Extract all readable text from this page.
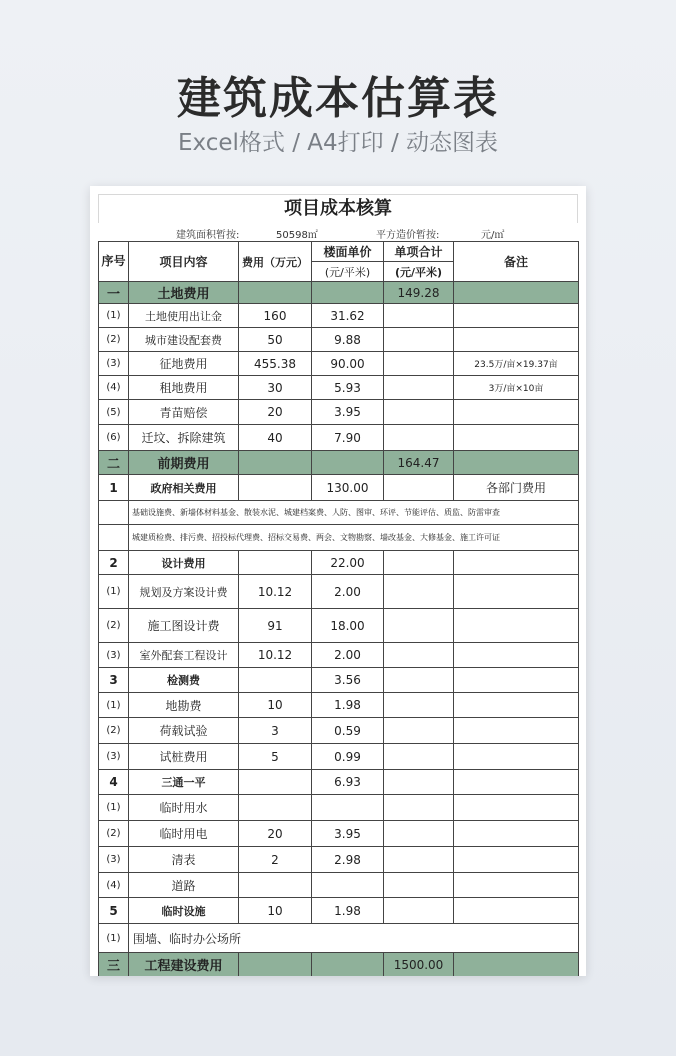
建筑成本估算表
Excel格式 / A4打印 / 动态图表
项目成本核算
建筑面积暂按:	50598㎡	平方造价暂按:	元/㎡
序号	项目内容	费用（万元）	楼面单价	单项合计	备注
			(元/平米)	(元/平米)	
一	土地费用			149.28	
(1)	土地使用出让金	160	31.62		
(2)	城市建设配套费	50	9.88		
(3)	征地费用	455.38	90.00		23.5万/亩×19.37亩
(4)	租地费用	30	5.93		3万/亩×10亩
(5)	青苗赔偿	20	3.95		
(6)	迁坟、拆除建筑	40	7.90		
二	前期费用			164.47	
1	政府相关费用		130.00		各部门费用
	基础设施费、新墙体材料基金、散装水泥、城建档案费、人防、图审、环评、节能评估、质监、防雷审查				
	城建质检费、排污费、招投标代理费、招标交易费、两会、文物勘察、墙改基金、大修基金、施工许可证				
2	设计费用		22.00		
(1)	规划及方案设计费	10.12	2.00		
(2)	施工图设计费	91	18.00		
(3)	室外配套工程设计	10.12	2.00		
3	检测费		3.56		
(1)	地勘费	10	1.98		
(2)	荷载试验	3	0.59		
(3)	试桩费用	5	0.99		
4	三通一平		6.93		
(1)	临时用水				
(2)	临时用电	20	3.95		
(3)	清表	2	2.98		
(4)	道路				
5	临时设施	10	1.98		
(1)	围墙、临时办公场所				
三	工程建设费用			1500.00	
